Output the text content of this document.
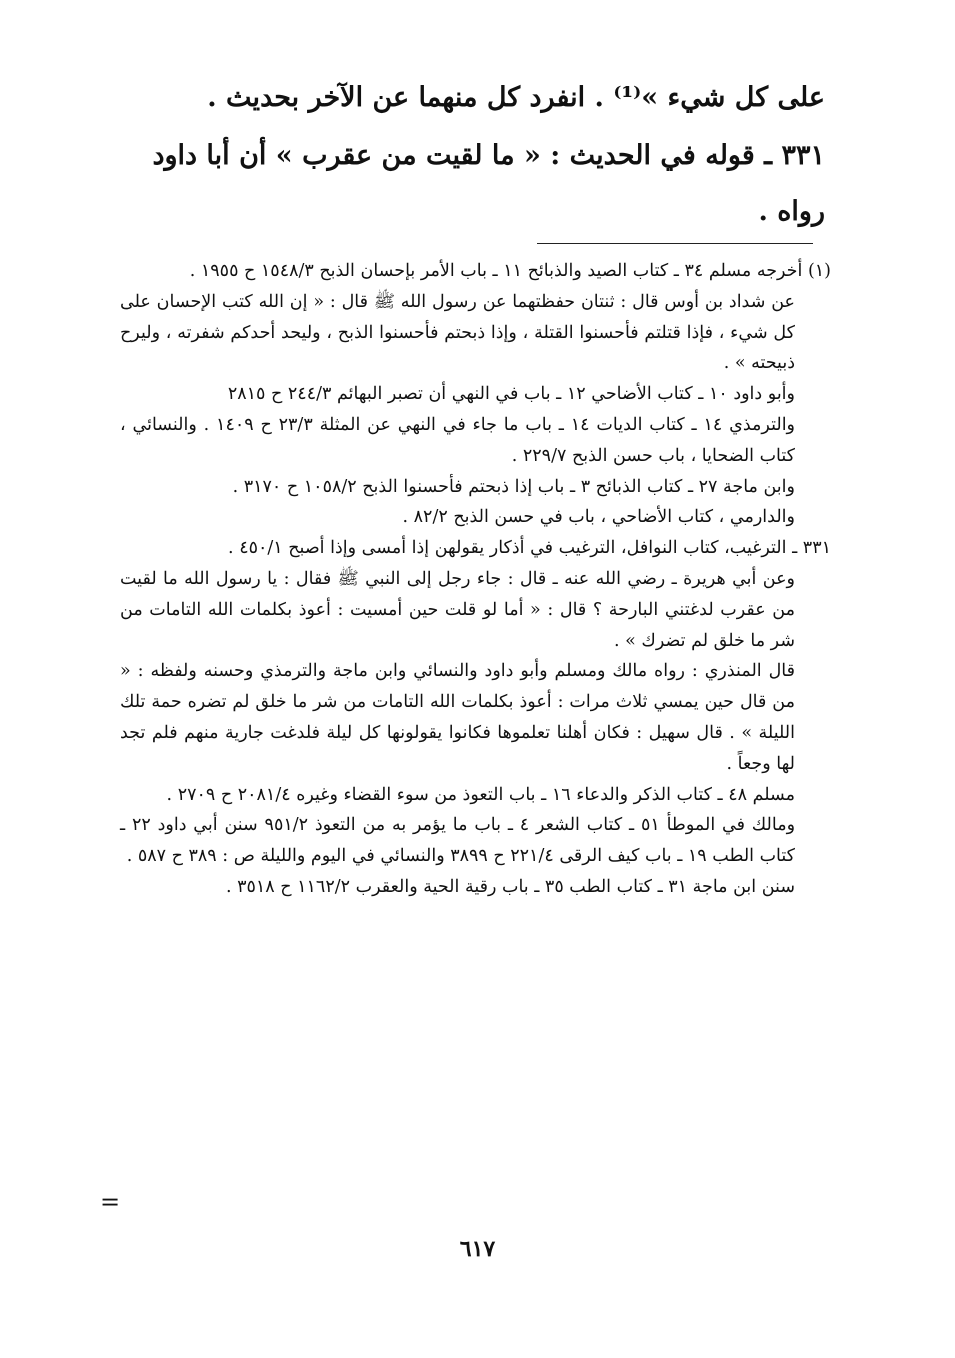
على كل شيء »⁽¹⁾ . انفرد كل منهما عن الآخر بحديث .
٣٣١ ـ قوله في الحديث : « ما لقيت من عقرب » أن أبا داود
رواه .

(١) أخرجه مسلم ٣٤ ـ كتاب الصيد والذبائح ١١ ـ باب الأمر بإحسان الذبح ١٥٤٨/٣ ح ١٩٥٥ .

عن شداد بن أوس قال : ثنتان حفظتهما عن رسول الله ﷺ قال : « إن الله كتب الإحسان على كل شيء ، فإذا قتلتم فأحسنوا القتلة ، وإذا ذبحتم فأحسنوا الذبح ، وليحد أحدكم شفرته ، وليرح ذبيحته » .

وأبو داود ١٠ ـ كتاب الأضاحي ١٢ ـ باب في النهي أن تصبر البهائم ٢٤٤/٣ ح ٢٨١٥

والترمذي ١٤ ـ كتاب الديات ١٤ ـ باب ما جاء في النهي عن المثلة ٢٣/٣ ح ١٤٠٩ . والنسائي ، كتاب الضحايا ، باب حسن الذبح ٢٢٩/٧ .

وابن ماجة ٢٧ ـ كتاب الذبائح ٣ ـ باب إذا ذبحتم فأحسنوا الذبح ١٠٥٨/٢ ح ٣١٧٠ .

والدارمي ، كتاب الأضاحي ، باب في حسن الذبح ٨٢/٢ .

٣٣١ ـ الترغيب، كتاب النوافل، الترغيب في أذكار يقولهن إذا أمسى وإذا أصبح ٤٥٠/١ .

وعن أبي هريرة ـ رضي الله عنه ـ قال : جاء رجل إلى النبي ﷺ فقال : يا رسول الله ما لقيت من عقرب لدغتني البارحة ؟ قال : « أما لو قلت حين أمسيت : أعوذ بكلمات الله التامات من شر ما خلق لم تضرك » .

قال المنذري : رواه مالك ومسلم وأبو داود والنسائي وابن ماجة والترمذي وحسنه ولفظه : « من قال حين يمسي ثلاث مرات : أعوذ بكلمات الله التامات من شر ما خلق لم تضره حمة تلك الليلة » . قال سهيل : فكان أهلنا تعلموها فكانوا يقولونها كل ليلة فلدغت جارية منهم فلم تجد لها وجعاً .

مسلم ٤٨ ـ كتاب الذكر والدعاء ١٦ ـ باب التعوذ من سوء القضاء وغيره ٢٠٨١/٤ ح ٢٧٠٩ .

ومالك في الموطأ ٥١ ـ كتاب الشعر ٤ ـ باب ما يؤمر به من التعوذ ٩٥١/٢ سنن أبي داود ٢٢ ـ كتاب الطب ١٩ ـ باب كيف الرقى ٢٢١/٤ ح ٣٨٩٩ والنسائي في اليوم والليلة ص : ٣٨٩ ح ٥٨٧ .

سنن ابن ماجة ٣١ ـ كتاب الطب ٣٥ ـ باب رقية الحية والعقرب ١١٦٢/٢ ح ٣٥١٨ .

=
٦١٧
